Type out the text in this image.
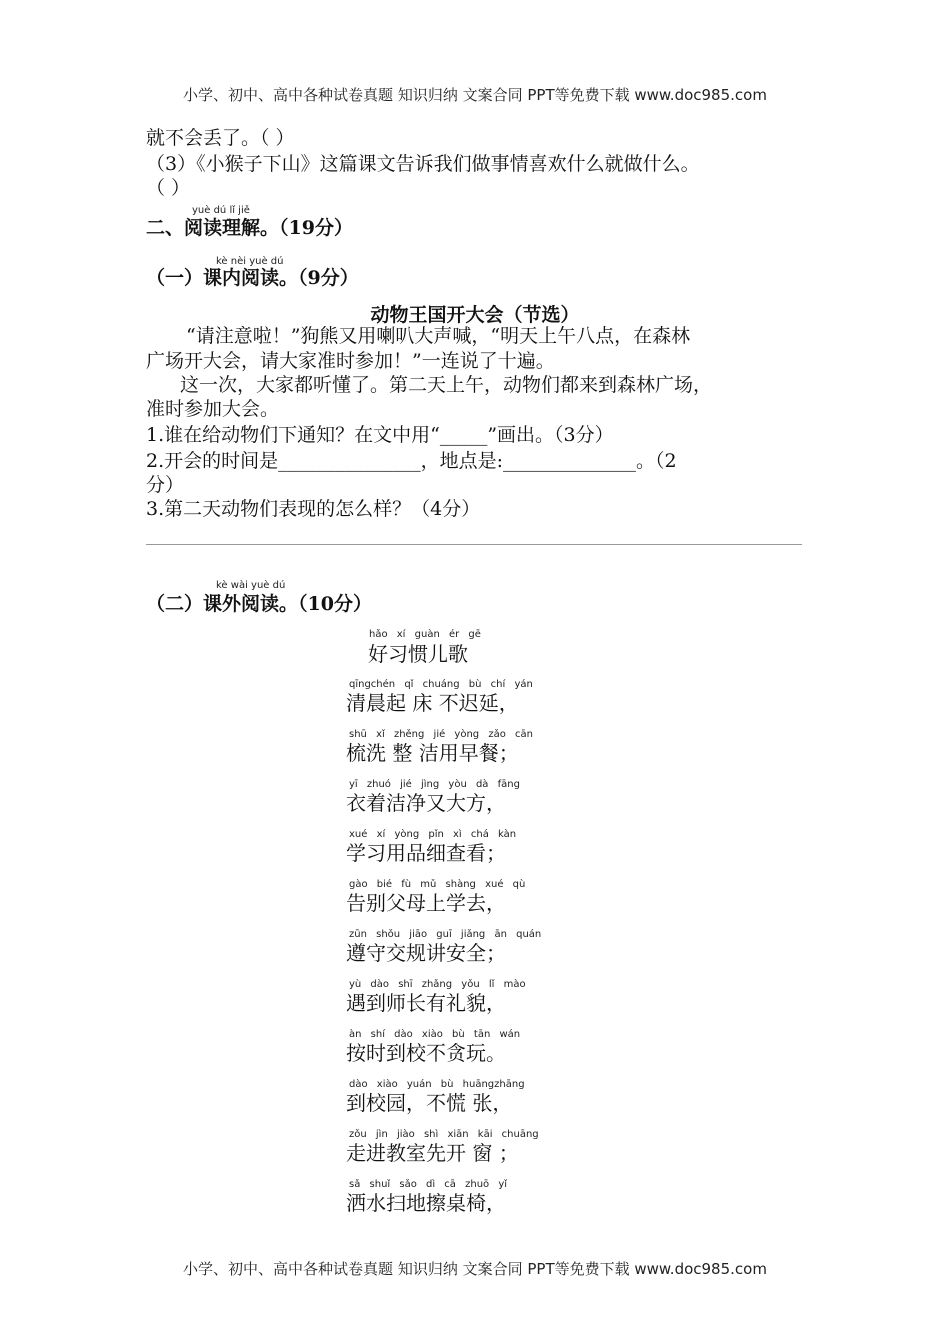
小学、初中、高中各种试卷真题 知识归纳 文案合同 PPT等免费下载 www.doc985.com
就不会丢了。（ ）
（3）《小猴子下山》这篇课文告诉我们做事情喜欢什么就做什么。
（ ）
yuè dú lǐ jiě
二、阅读理解。（19分）
kè nèi yuè dú
（一）课内阅读。（9分）
动物王国开大会（节选）
“请注意啦！”狗熊又用喇叭大声喊，“明天上午八点，在森林
广场开大会，请大家准时参加！”一连说了十遍。
这一次，大家都听懂了。第二天上午，动物们都来到森林广场，
准时参加大会。
1.谁在给动物们下通知？在文中用“_____”画出。（3分）
2.开会的时间是_______________，地点是:______________。（2
分）
3.第二天动物们表现的怎么样？（4分）
kè wài yuè dú
（二）课外阅读。（10分）
hǎo xí guàn ér gē
好习惯儿歌
qīngchén qǐ chuáng bù chí yán
清晨起 床 不迟延，
shū xǐ zhěng jié yòng zǎo cān
梳洗 整 洁用早餐；
yī zhuó jié jìng yòu dà fāng
衣着洁净又大方，
xué xí yòng pǐn xì chá kàn
学习用品细查看；
gào bié fù mǔ shàng xué qù
告别父母上学去，
zūn shǒu jiāo guī jiǎng ān quán
遵守交规讲安全；
yù dào shī zhǎng yǒu lǐ mào
遇到师长有礼貌，
àn shí dào xiào bù tān wán
按时到校不贪玩。
dào xiào yuán bù huāngzhāng
到校园，不慌 张，
zǒu jìn jiào shì xiān kāi chuāng
走进教室先开 窗 ；
sǎ shuǐ sǎo dì cā zhuō yǐ
洒水扫地擦桌椅，
小学、初中、高中各种试卷真题 知识归纳 文案合同 PPT等免费下载 www.doc985.com
